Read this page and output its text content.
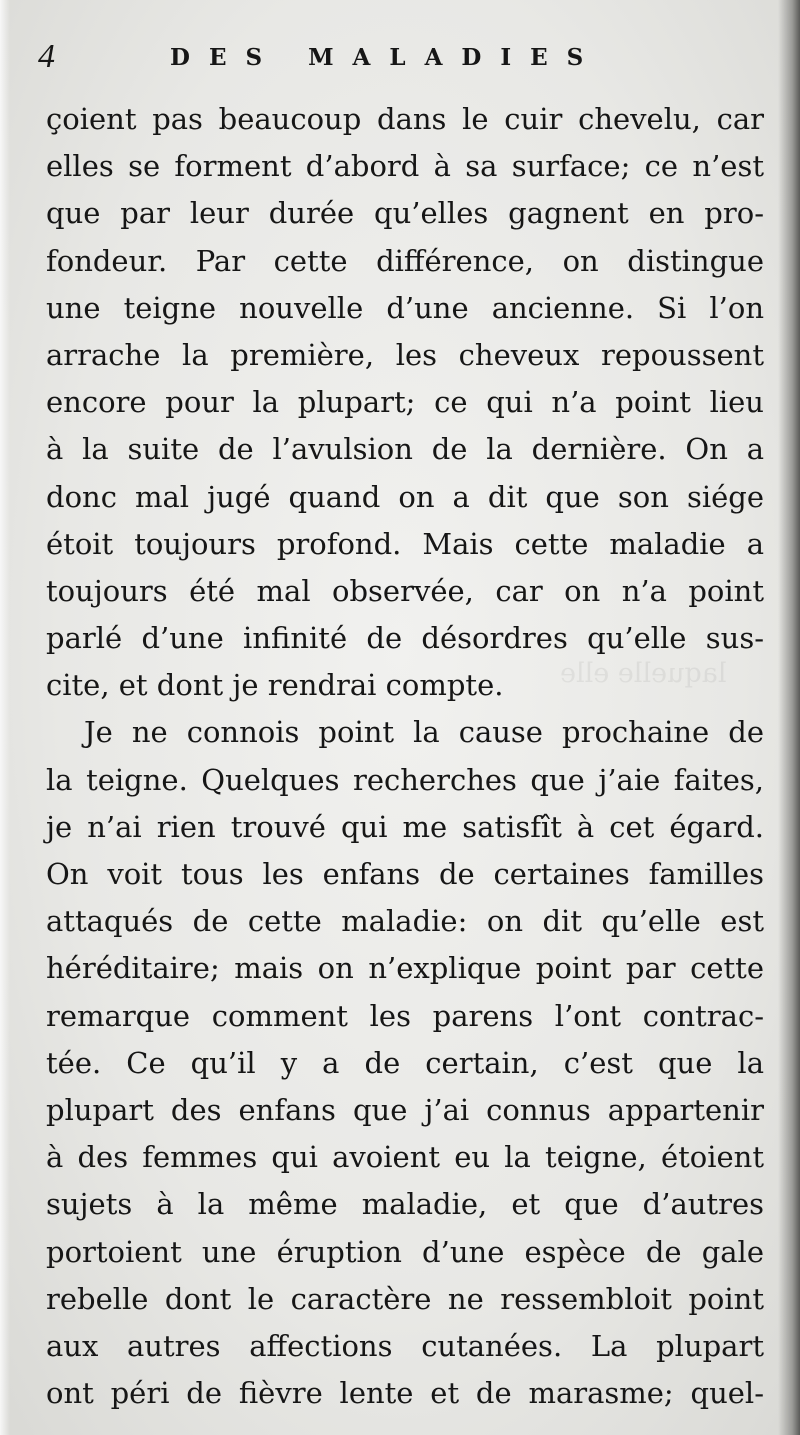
laquelle elle
4	DES MALADIES
çoient pas beaucoup dans le cuir chevelu, car
elles se forment d’abord à sa surface; ce n’est
que par leur durée qu’elles gagnent en pro-
fondeur. Par cette différence, on distingue
une teigne nouvelle d’une ancienne. Si l’on
arrache la première, les cheveux repoussent
encore pour la plupart; ce qui n’a point lieu
à la suite de l’avulsion de la dernière. On a
donc mal jugé quand on a dit que son siége
étoit toujours profond. Mais cette maladie a
toujours été mal observée, car on n’a point
parlé d’une infinité de désordres qu’elle sus-
cite, et dont je rendrai compte.
Je ne connois point la cause prochaine de
la teigne. Quelques recherches que j’aie faites,
je n’ai rien trouvé qui me satisfît à cet égard.
On voit tous les enfans de certaines familles
attaqués de cette maladie: on dit qu’elle est
héréditaire; mais on n’explique point par cette
remarque comment les parens l’ont contrac-
tée. Ce qu’il y a de certain, c’est que la
plupart des enfans que j’ai connus appartenir
à des femmes qui avoient eu la teigne, étoient
sujets à la même maladie, et que d’autres
portoient une éruption d’une espèce de gale
rebelle dont le caractère ne ressembloit point
aux autres affections cutanées. La plupart
ont péri de fièvre lente et de marasme; quel-
